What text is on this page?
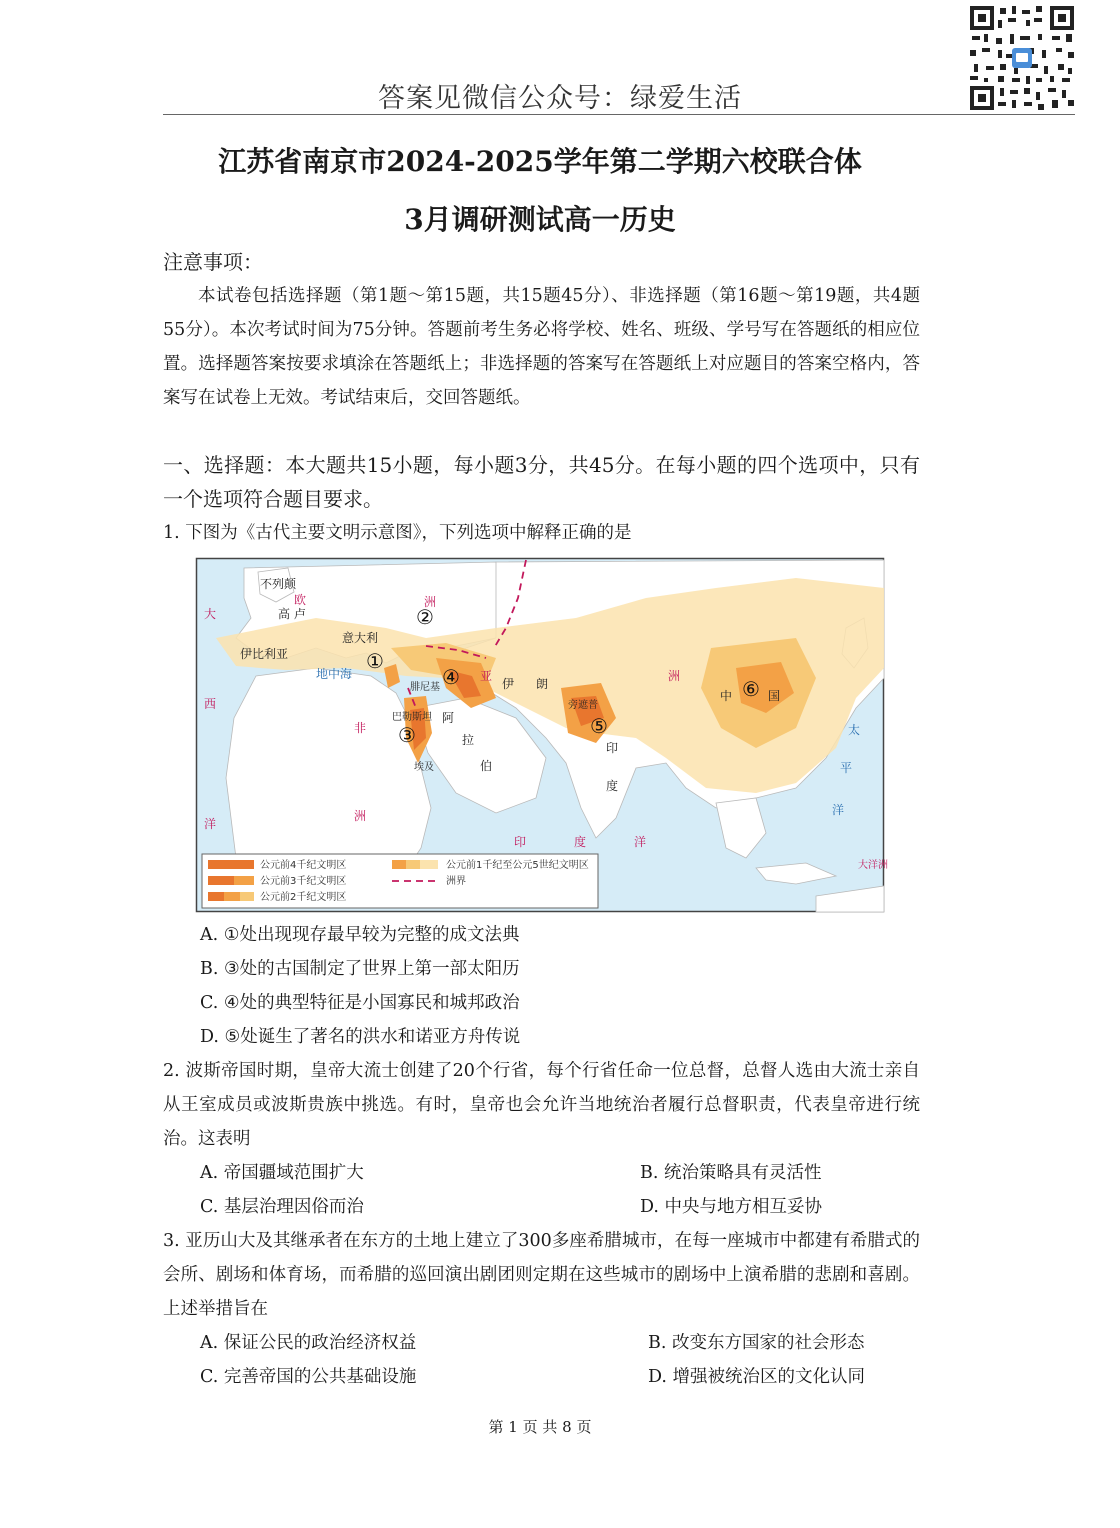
答案见微信公众号：绿爱生活
江苏省南京市2024-2025学年第二学期六校联合体
3月调研测试高一历史
注意事项：
本试卷包括选择题（第1题～第15题，共15题45分）、非选择题（第16题～第19题，共4题55分）。本次考试时间为75分钟。答题前考生务必将学校、姓名、班级、学号写在答题纸的相应位置。选择题答案按要求填涂在答题纸上；非选择题的答案写在答题纸上对应题目的答案空格内，答案写在试卷上无效。考试结束后，交回答题纸。
一、选择题：本大题共15小题，每小题3分，共45分。在每小题的四个选项中，只有一个选项符合题目要求。
1. 下图为《古代主要文明示意图》，下列选项中解释正确的是
不列颠
欧
高 卢
大
西
洋
伊比利亚
意大利
洲
地中海
腓尼基
巴勒斯坦
非
洲
埃及
阿
拉
伯
亚
伊 朗
洲
旁遮普
印
度
印	度	洋
中	国
太
平
洋
大洋洲
①
②
③
④
⑤
⑥
公元前4千纪文明区
公元前3千纪文明区
公元前2千纪文明区
公元前1千纪至公元5世纪文明区
洲界
A. ①处出现现存最早较为完整的成文法典
B. ③处的古国制定了世界上第一部太阳历
C. ④处的典型特征是小国寡民和城邦政治
D. ⑤处诞生了著名的洪水和诺亚方舟传说
2. 波斯帝国时期，皇帝大流士创建了20个行省，每个行省任命一位总督，总督人选由大流士亲自从王室成员或波斯贵族中挑选。有时，皇帝也会允许当地统治者履行总督职责，代表皇帝进行统治。这表明
A. 帝国疆域范围扩大	B. 统治策略具有灵活性
C. 基层治理因俗而治	D. 中央与地方相互妥协
3. 亚历山大及其继承者在东方的土地上建立了300多座希腊城市，在每一座城市中都建有希腊式的会所、剧场和体育场，而希腊的巡回演出剧团则定期在这些城市的剧场中上演希腊的悲剧和喜剧。上述举措旨在
A. 保证公民的政治经济权益	B. 改变东方国家的社会形态
C. 完善帝国的公共基础设施	D. 增强被统治区的文化认同
第 1 页 共 8 页
